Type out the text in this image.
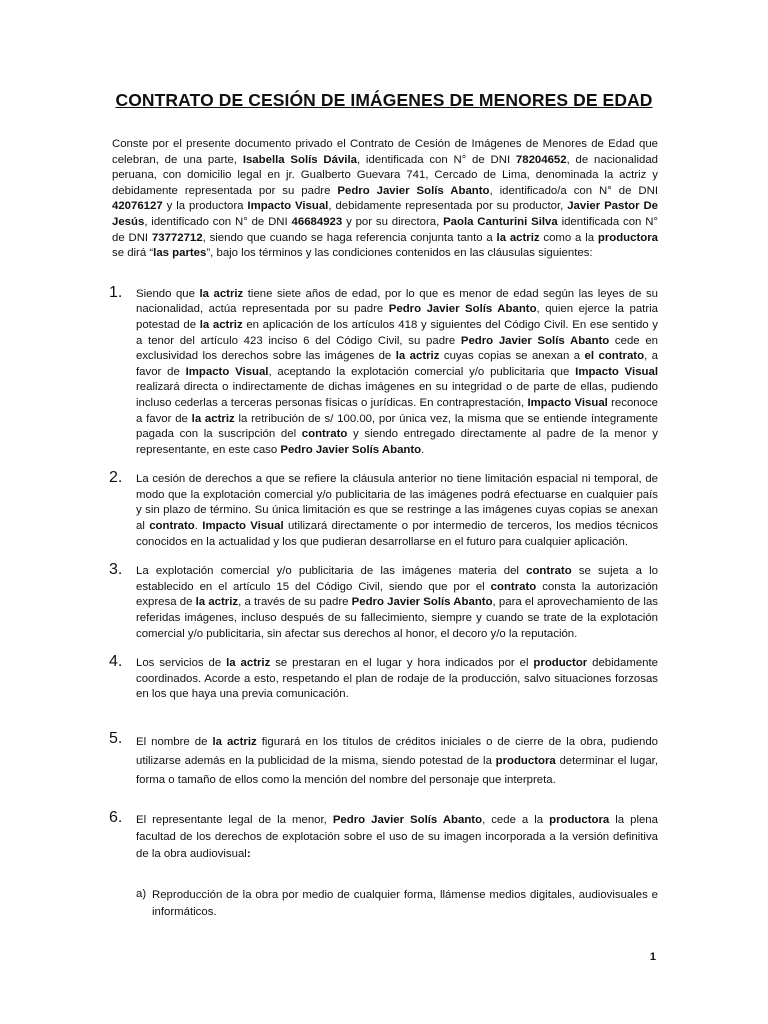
CONTRATO DE CESIÓN DE IMÁGENES DE MENORES DE EDAD
Conste por el presente documento privado el Contrato de Cesión de Imágenes de Menores de Edad que celebran, de una parte, Isabella Solís Dávila, identificada con N° de DNI 78204652, de nacionalidad peruana, con domicilio legal en jr. Gualberto Guevara 741, Cercado de Lima, denominada la actriz y debidamente representada por su padre Pedro Javier Solís Abanto, identificado/a con N° de DNI 42076127 y la productora Impacto Visual, debidamente representada por su productor, Javier Pastor De Jesús, identificado con N° de DNI 46684923 y por su directora, Paola Canturini Silva identificada con N° de DNI 73772712, siendo que cuando se haga referencia conjunta tanto a la actriz como a la productora se dirá “las partes”, bajo los términos y las condiciones contenidos en las cláusulas siguientes:
1. Siendo que la actriz tiene siete años de edad, por lo que es menor de edad según las leyes de su nacionalidad, actúa representada por su padre Pedro Javier Solís Abanto, quien ejerce la patria potestad de la actriz en aplicación de los artículos 418 y siguientes del Código Civil. En ese sentido y a tenor del artículo 423 inciso 6 del Código Civil, su padre Pedro Javier Solís Abanto cede en exclusividad los derechos sobre las imágenes de la actriz cuyas copias se anexan a el contrato, a favor de Impacto Visual, aceptando la explotación comercial y/o publicitaria que Impacto Visual realizará directa o indirectamente de dichas imágenes en su integridad o de parte de ellas, pudiendo incluso cederlas a terceras personas físicas o jurídicas. En contraprestación, Impacto Visual reconoce a favor de la actriz la retribución de s/ 100.00, por única vez, la misma que se entiende íntegramente pagada con la suscripción del contrato y siendo entregado directamente al padre de la menor y representante, en este caso Pedro Javier Solís Abanto.
2. La cesión de derechos a que se refiere la cláusula anterior no tiene limitación espacial ni temporal, de modo que la explotación comercial y/o publicitaria de las imágenes podrá efectuarse en cualquier país y sin plazo de término. Su única limitación es que se restringe a las imágenes cuyas copias se anexan al contrato. Impacto Visual utilizará directamente o por intermedio de terceros, los medios técnicos conocidos en la actualidad y los que pudieran desarrollarse en el futuro para cualquier aplicación.
3. La explotación comercial y/o publicitaria de las imágenes materia del contrato se sujeta a lo establecido en el artículo 15 del Código Civil, siendo que por el contrato consta la autorización expresa de la actriz, a través de su padre Pedro Javier Solís Abanto, para el aprovechamiento de las referidas imágenes, incluso después de su fallecimiento, siempre y cuando se trate de la explotación comercial y/o publicitaria, sin afectar sus derechos al honor, el decoro y/o la reputación.
4. Los servicios de la actriz se prestaran en el lugar y hora indicados por el productor debidamente coordinados. Acorde a esto, respetando el plan de rodaje de la producción, salvo situaciones forzosas en los que haya una previa comunicación.
5. El nombre de la actriz figurará en los títulos de créditos iniciales o de cierre de la obra, pudiendo utilizarse además en la publicidad de la misma, siendo potestad de la productora determinar el lugar, forma o tamaño de ellos como la mención del nombre del personaje que interpreta.
6. El representante legal de la menor, Pedro Javier Solís Abanto, cede a la productora la plena facultad de los derechos de explotación sobre el uso de su imagen incorporada a la versión definitiva de la obra audiovisual:
a) Reproducción de la obra por medio de cualquier forma, llámense medios digitales, audiovisuales e informáticos.
1
